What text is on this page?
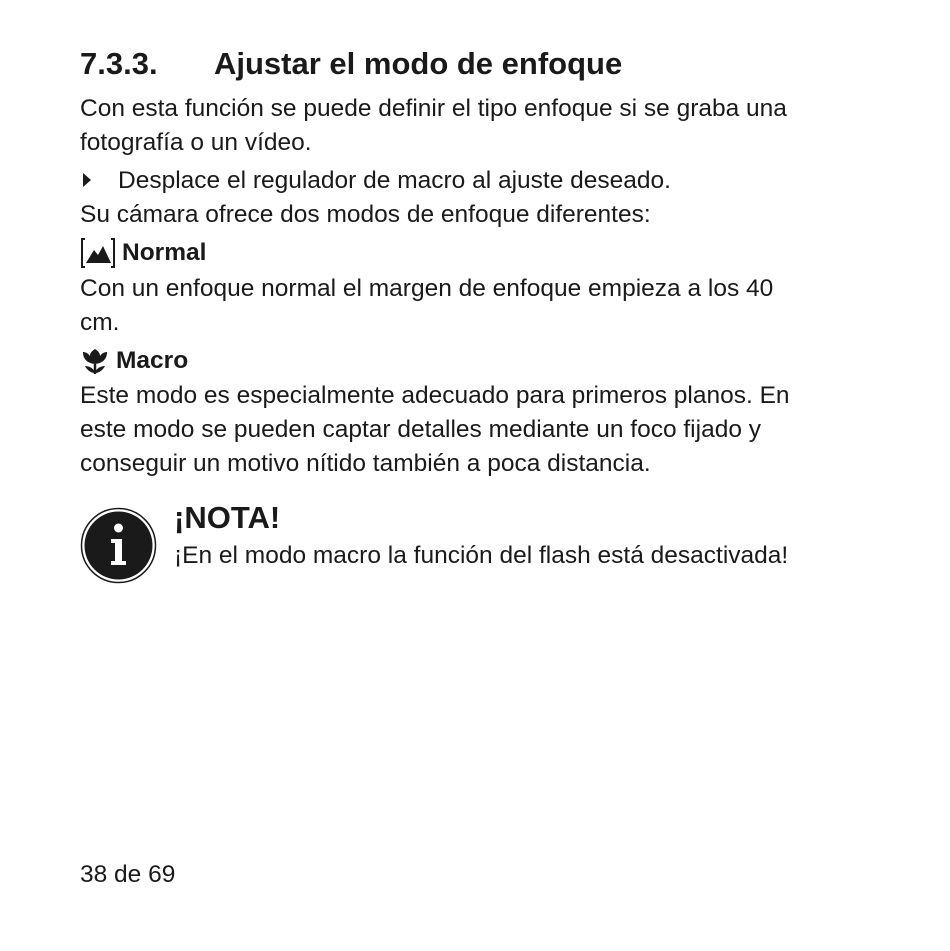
7.3.3. Ajustar el modo de enfoque
Con esta función se puede definir el tipo enfoque si se graba una
fotografía o un vídeo.
Desplace el regulador de macro al ajuste deseado.
Su cámara ofrece dos modos de enfoque diferentes:
Normal
Con un enfoque normal el margen de enfoque empieza a los 40
cm.
Macro
Este modo es especialmente adecuado para primeros planos. En
este modo se pueden captar detalles mediante un foco fijado y
conseguir un motivo nítido también a poca distancia.
¡NOTA!
¡En el modo macro la función del flash está desactivada!
38 de 69
